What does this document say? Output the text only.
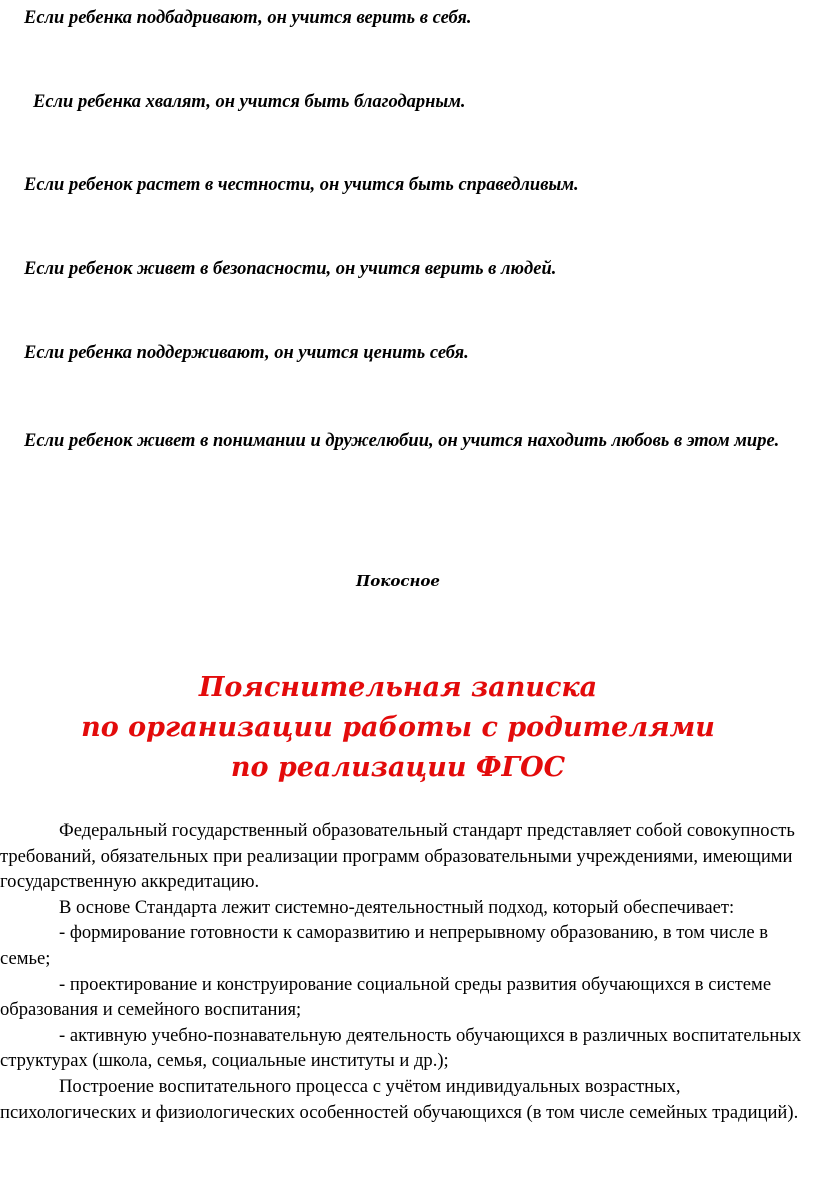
Если ребенка подбадривают, он учится верить в себя.
Если ребенка хвалят, он учится быть благодарным.
Если ребенок растет в честности, он учится быть справедливым.
Если ребенок живет в безопасности, он учится верить в людей.
Если ребенка поддерживают, он учится ценить себя.
Если ребенок живет в понимании и дружелюбии, он учится находить любовь в этом мире.
Покосное
Пояснительная записка
по организации работы с родителями
по реализации ФГОС

Федеральный государственный образовательный стандарт представляет собой совокупность требований, обязательных при реализации программ образовательными учреждениями, имеющими государственную аккредитацию.

В основе Стандарта лежит системно-деятельностный подход, который обеспечивает:

- формирование готовности к саморазвитию и непрерывному образованию, в том числе в семье;

- проектирование и конструирование социальной среды развития обучающихся в системе образования и семейного воспитания;

- активную учебно-познавательную деятельность обучающихся в различных воспитательных структурах (школа, семья, социальные институты и др.);

Построение воспитательного процесса с учётом индивидуальных возрастных, психологических и физиологических особенностей обучающихся (в том числе семейных традиций).
